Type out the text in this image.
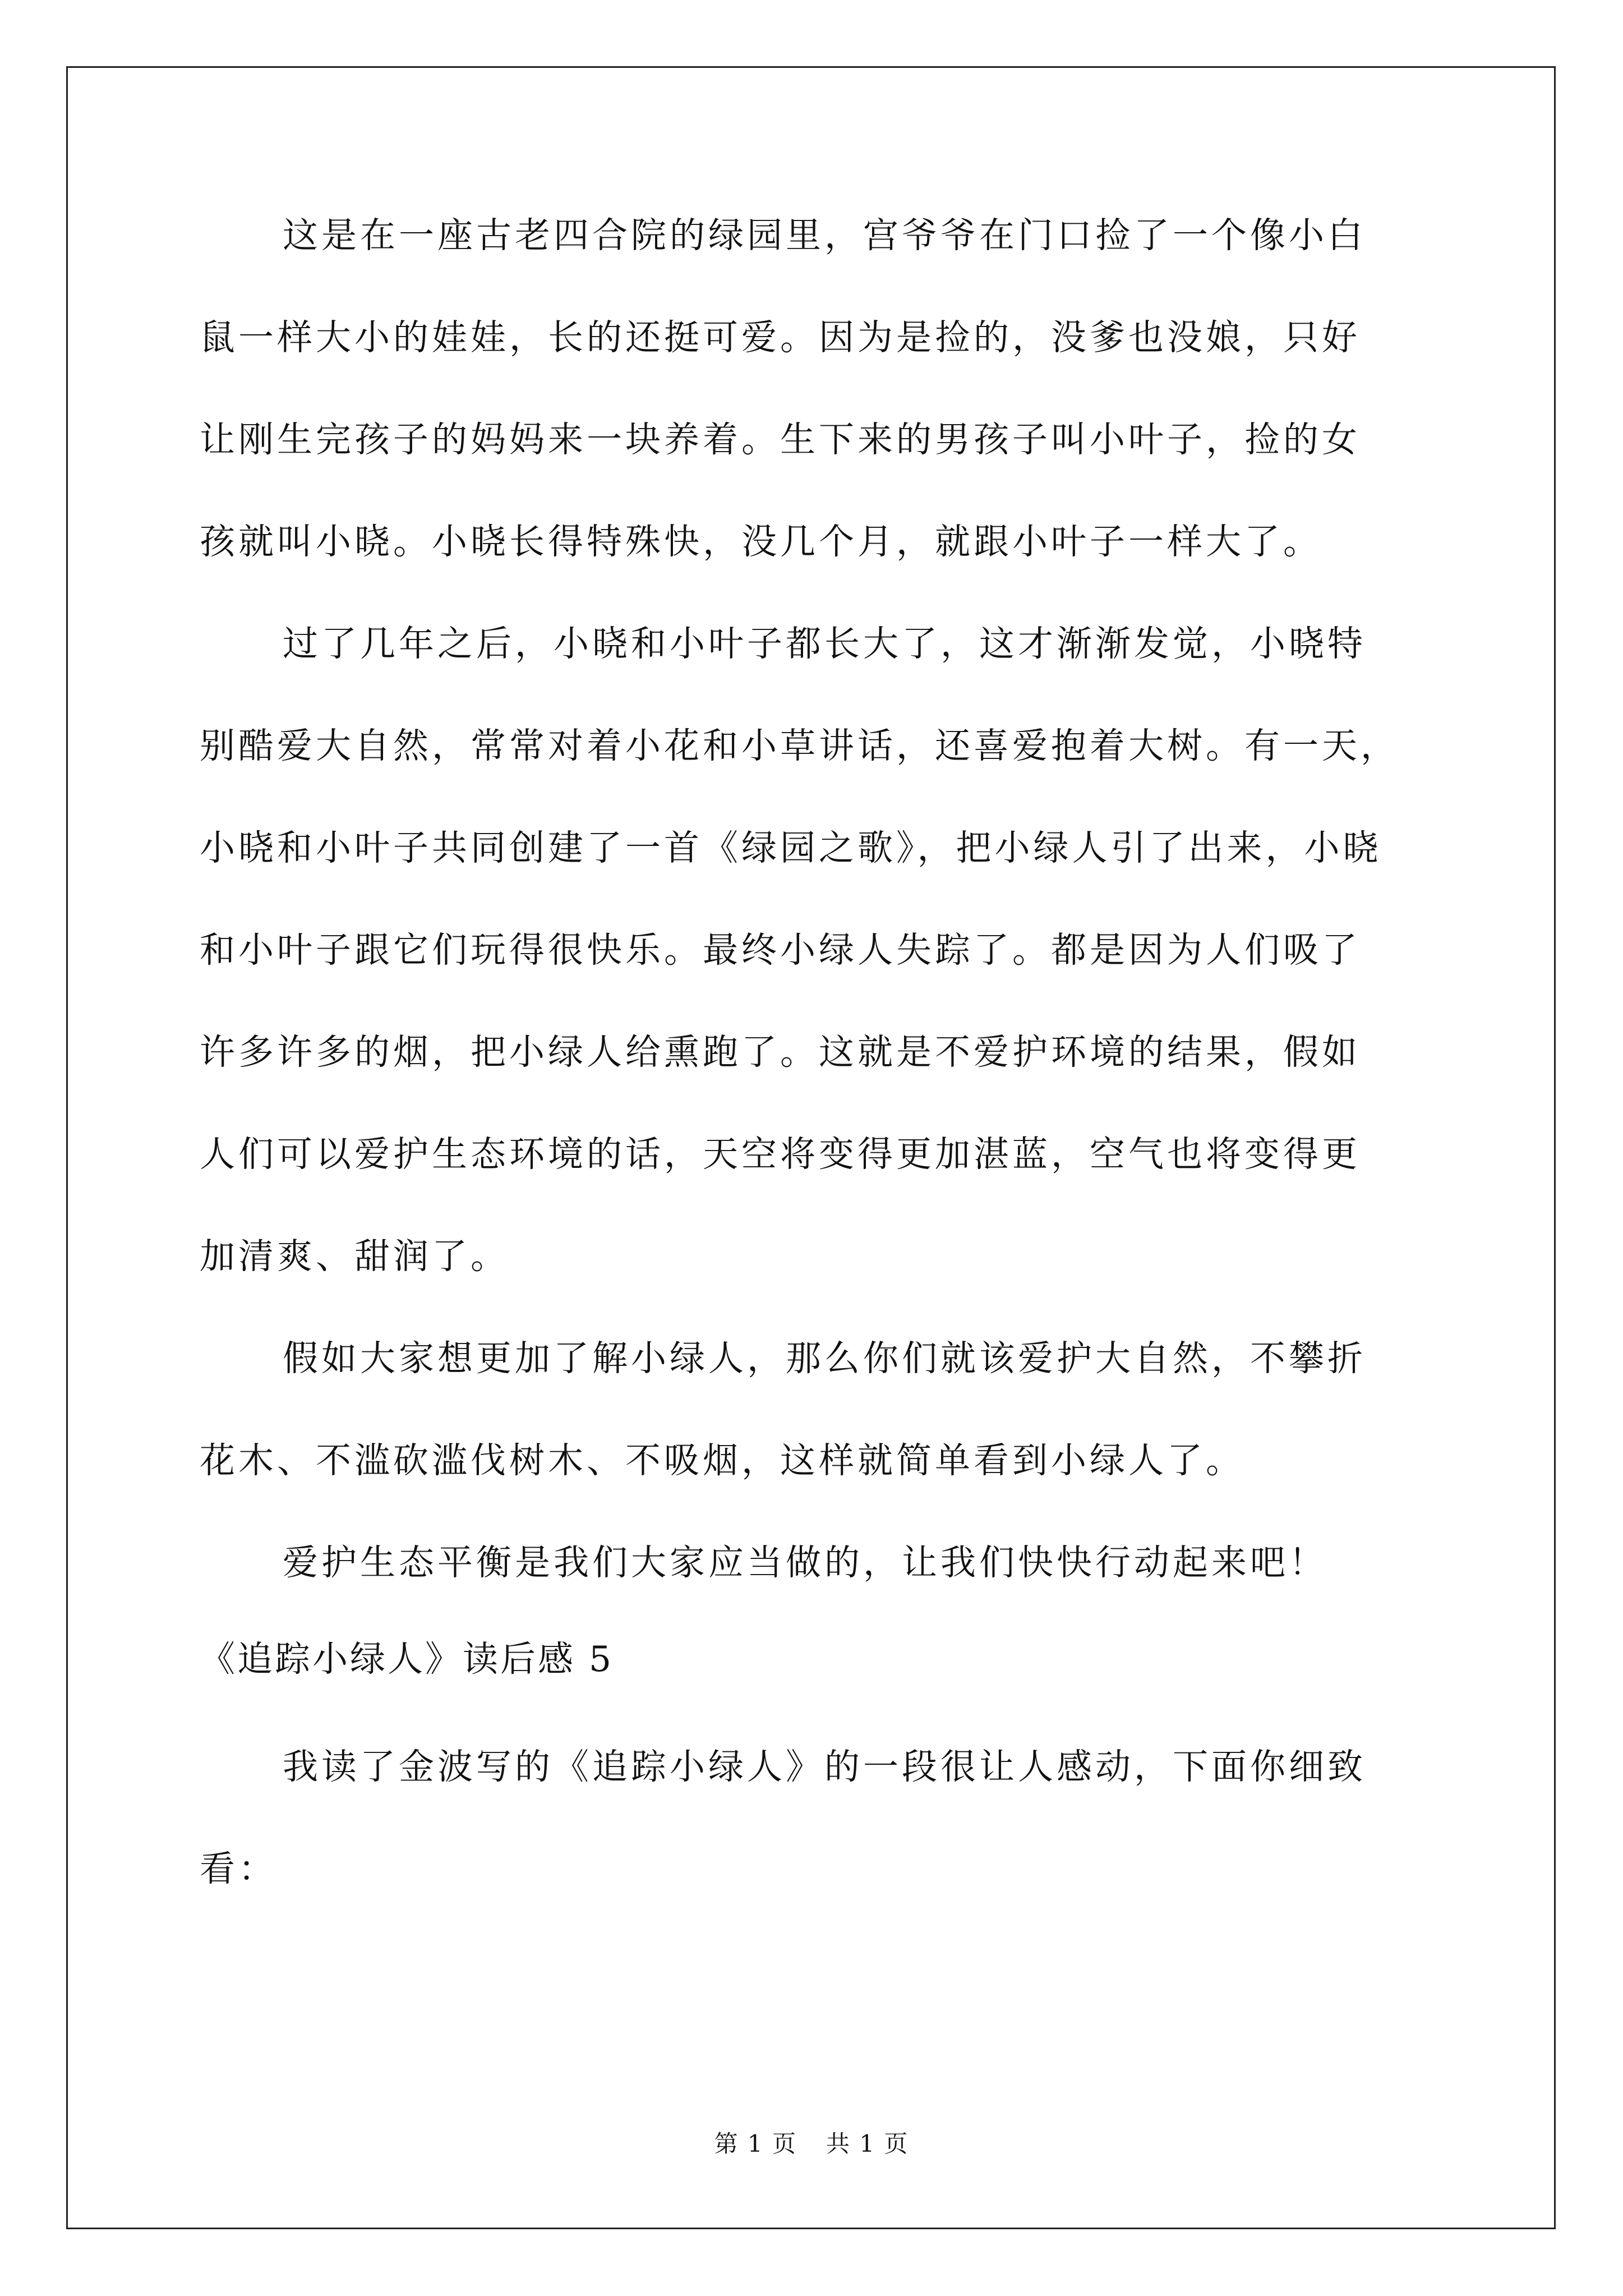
这是在一座古老四合院的绿园里，宫爷爷在门口捡了一个像小白
鼠一样大小的娃娃，长的还挺可爱。因为是捡的，没爹也没娘，只好
让刚生完孩子的妈妈来一块养着。生下来的男孩子叫小叶子，捡的女
孩就叫小晓。小晓长得特殊快，没几个月，就跟小叶子一样大了。
过了几年之后，小晓和小叶子都长大了，这才渐渐发觉，小晓特
别酷爱大自然，常常对着小花和小草讲话，还喜爱抱着大树。有一天，
小晓和小叶子共同创建了一首《绿园之歌》，把小绿人引了出来，小晓
和小叶子跟它们玩得很快乐。最终小绿人失踪了。都是因为人们吸了
许多许多的烟，把小绿人给熏跑了。这就是不爱护环境的结果，假如
人们可以爱护生态环境的话，天空将变得更加湛蓝，空气也将变得更
加清爽、甜润了。
假如大家想更加了解小绿人，那么你们就该爱护大自然，不攀折
花木、不滥砍滥伐树木、不吸烟，这样就简单看到小绿人了。
爱护生态平衡是我们大家应当做的，让我们快快行动起来吧！
《追踪小绿人》读后感 5
我读了金波写的《追踪小绿人》的一段很让人感动，下面你细致
看：
第 1 页 共 1 页
